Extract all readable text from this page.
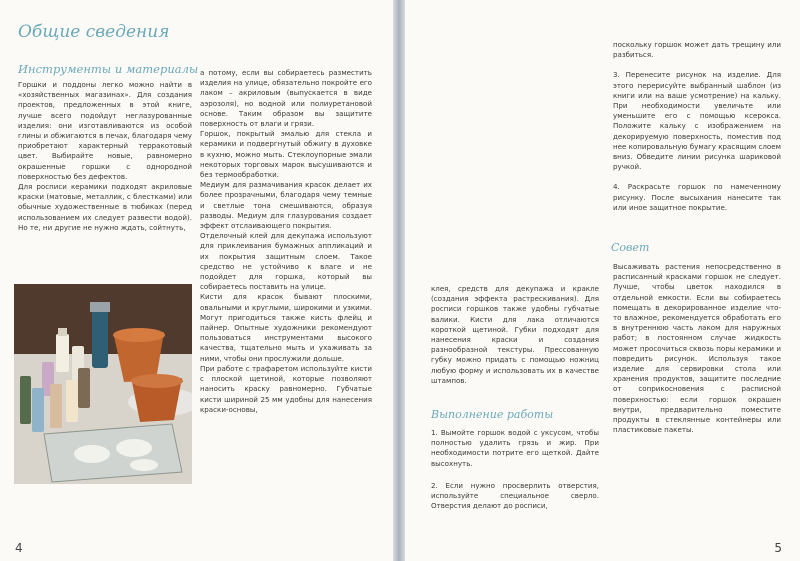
Общие сведения
Инструменты и материалы

Горшки и поддоны легко можно найти в «хозяйственных магазинах». Для создания проектов, предложенных в этой книге, лучше всего подойдут неглазурованные изделия: они изготавливаются из особой глины и обжигаются в печах, благодаря чему приобретают характерный терракотовый цвет. Выбирайте новые, равномерно окрашенные горшки с однородной поверхностью без дефектов.

Для росписи керамики подходят акриловые краски (матовые, металлик, с блестками) или обычные художественные в тюбиках (перед использованием их следует развести водой). Но те, ни другие не нужно ждать, сойтнуть,

а потому, если вы собираетесь разместить изделия на улице, обязательно покройте его лаком – акриловым (выпускается в виде аэрозоля), но водной или полиуретановой основе. Таким образом вы защитите поверхность от влаги и грязи.

Горшок, покрытый эмалью для стекла и керамики и подвергнутый обжигу в духовке в кухню, можно мыть. Стеклоупорные эмали некоторых торговых марок высушиваются и без термообработки.

Медиум для размачивания красок делает их более прозрачными, благодаря чему темные и светлые тона смешиваются, образуя разводы. Медиум для глазурования создает эффект отслаивающего покрытия.

Отделочный клей для декупажа используют для приклеивания бумажных аппликаций и их покрытия защитным слоем. Такое средство не устойчиво к влаге и не подойдет для горшка, который вы собираетесь поставить на улице.

Кисти для красок бывают плоскими, овальными и круглыми, широкими и узкими. Могут пригодиться также кисть флейц и пайнер. Опытные художники рекомендуют пользоваться инструментами высокого качества, тщательно мыть и ухаживать за ними, чтобы они прослужили дольше.

При работе с трафаретом используйте кисти с плоской щетиной, которые позволяют наносить краску равномерно. Губчатые кисти шириной 25 мм удобны для нанесения краски-основы,

4

поскольку горшок может дать трещину или разбиться.

3. Перенесите рисунок на изделие. Для этого перерисуйте выбранный шаблон (из книги или на ваше усмотрение) на кальку. При необходимости увеличьте или уменьшите его с помощью ксерокса. Положите кальку с изображением на декорируемую поверхность, поместив под нее копировальную бумагу красящим слоем вниз. Обведите линии рисунка шариковой ручкой.

4. Раскрасьте горшок по намеченному рисунку. После высыхания нанесите так или иное защитное покрытие.

Совет
Высаживать растения непосредственно в расписанный красками горшок не следует. Лучше, чтобы цветок находился в отдельной емкости. Если вы собираетесь помещать в декорированное изделие что-то влажное, рекомендуется обработать его в внутреннюю часть лаком для наружных работ; в постоянном случае жидкость может просочиться сквозь поры керамики и повредить рисунок. Используя такое изделие для сервировки стола или хранения продуктов, защитите последние от соприкосновения с расписной поверхностью: если горшок окрашен внутри, предварительно поместите продукты в стеклянные контейнеры или пластиковые пакеты.
клея, средств для декупажа и кракле (создания эффекта растрескивания). Для росписи горшков также удобны губчатые валики. Кисти для лака отличаются короткой щетиной. Губки подходят для нанесения краски и создания разнообразной текстуры. Прессованную губку можно придать с помощью ножниц любую форму и использовать их в качестве штампов.
Выполнение работы

1. Вымойте горшок водой с уксусом, чтобы полностью удалить грязь и жир. При необходимости потрите его щеткой. Дайте высохнуть.

2. Если нужно просверлить отверстия, используйте специальное сверло. Отверстия делают до росписи,

5
